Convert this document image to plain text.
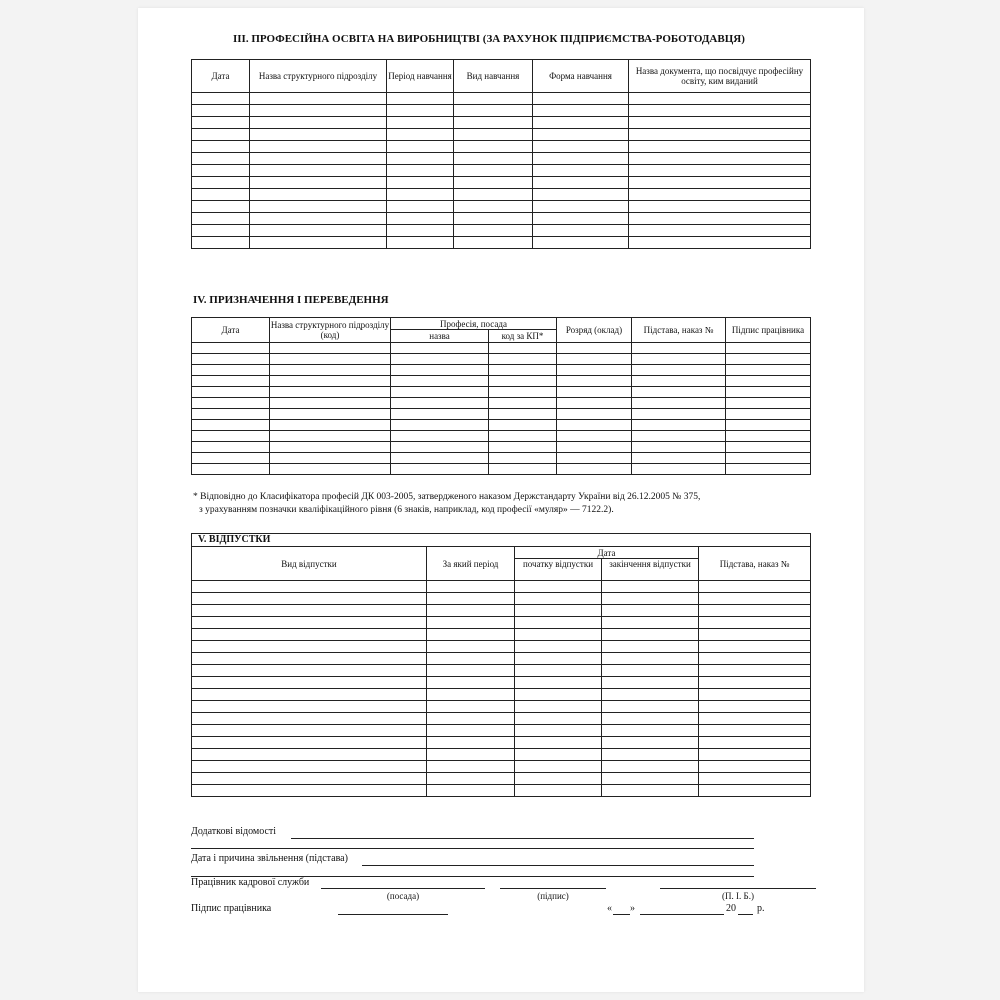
III. ПРОФЕСІЙНА ОСВІТА НА ВИРОБНИЦТВІ (ЗА РАХУНОК ПІДПРИЄМСТВА-РОБОТОДАВЦЯ)
Дата	Назва структурного підрозділу	Період навчання	Вид навчання	Форма навчання	Назва документа, що посвідчує професійну освіту, ким виданий

IV. ПРИЗНАЧЕННЯ І ПЕРЕВЕДЕННЯ
Дата	Назва структурного підрозділу (код)	Професія, посада		Розряд (оклад)	Підстава, наказ №	Підпис працівника
		назва	код за КП*			

* Відповідно до Класифікатора професій ДК 003-2005, затвердженого наказом Держстандарту України від 26.12.2005 № 375,
з урахуванням позначки кваліфікаційного рівня (6 знаків, наприклад, код професії «муляр» — 7122.2).
V. ВІДПУСТКИ				
Вид відпустки	За який період	Дата		Підстава, наказ №
		початку відпустки	закінчення відпустки	

Додаткові відомості
Дата і причина звільнення (підстава)
Працівник кадрової служби
(посада)	(підпис)	(П. І. Б.)
Підпис працівника	« »	20 р.
